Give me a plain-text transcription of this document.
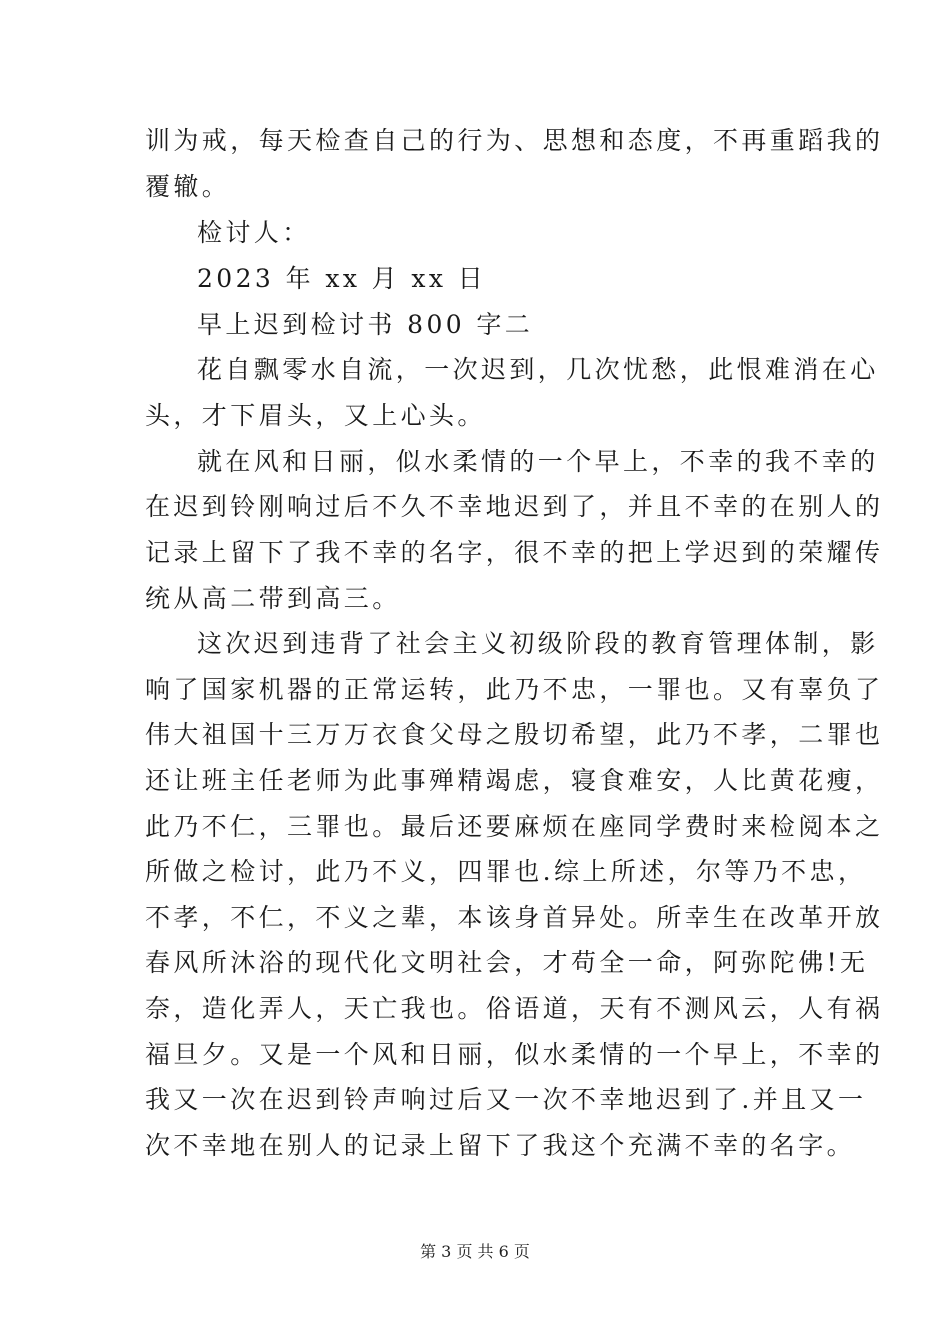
训为戒，每天检查自己的行为、思想和态度，不再重蹈我的
覆辙。
检讨人：
2023 年 xx 月 xx 日
早上迟到检讨书 800 字二
花自飘零水自流，一次迟到，几次忧愁，此恨难消在心
头，才下眉头，又上心头。
就在风和日丽，似水柔情的一个早上，不幸的我不幸的
在迟到铃刚响过后不久不幸地迟到了，并且不幸的在别人的
记录上留下了我不幸的名字，很不幸的把上学迟到的荣耀传
统从高二带到高三。
这次迟到违背了社会主义初级阶段的教育管理体制，影
响了国家机器的正常运转，此乃不忠，一罪也。又有辜负了
伟大祖国十三万万衣食父母之殷切希望，此乃不孝，二罪也
还让班主任老师为此事殚精竭虑，寝食难安，人比黄花瘦，
此乃不仁，三罪也。最后还要麻烦在座同学费时来检阅本之
所做之检讨，此乃不义，四罪也.综上所述，尔等乃不忠，
不孝，不仁，不义之辈，本该身首异处。所幸生在改革开放
春风所沐浴的现代化文明社会，才苟全一命，阿弥陀佛!无
奈，造化弄人，天亡我也。俗语道，天有不测风云，人有祸
福旦夕。又是一个风和日丽，似水柔情的一个早上，不幸的
我又一次在迟到铃声响过后又一次不幸地迟到了.并且又一
次不幸地在别人的记录上留下了我这个充满不幸的名字。
第 3 页 共 6 页
